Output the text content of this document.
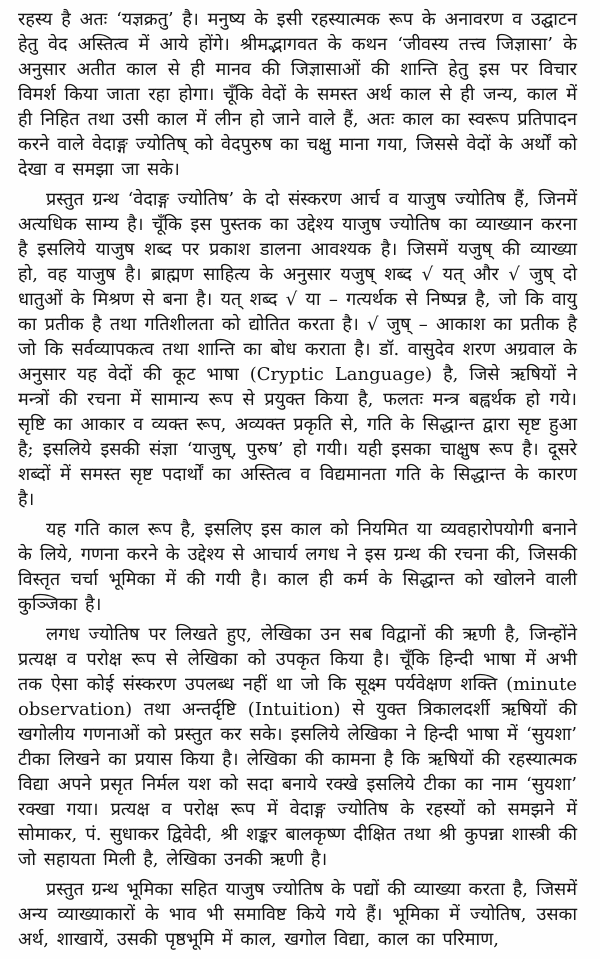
रहस्य है अतः ‘यज्ञक्रतु’ है। मनुष्य के इसी रहस्यात्मक रूप के अनावरण व उद्घाटन हेतु वेद अस्तित्व में आये होंगे। श्रीमद्भागवत के कथन ‘जीवस्य तत्त्व जिज्ञासा’ के अनुसार अतीत काल से ही मानव की जिज्ञासाओं की शान्ति हेतु इस पर विचार विमर्श किया जाता रहा होगा। चूँकि वेदों के समस्त अर्थ काल से ही जन्य, काल में ही निहित तथा उसी काल में लीन हो जाने वाले हैं, अतः काल का स्वरूप प्रतिपादन करने वाले वेदाङ्ग ज्योतिष् को वेदपुरुष का चक्षु माना गया, जिससे वेदों के अर्थों को देखा व समझा जा सके।

प्रस्तुत ग्रन्थ ‘वेदाङ्ग ज्योतिष’ के दो संस्करण आर्च व याजुष ज्योतिष हैं, जिनमें अत्यधिक साम्य है। चूँकि इस पुस्तक का उद्देश्य याजुष ज्योतिष का व्याख्यान करना है इसलिये याजुष शब्द पर प्रकाश डालना आवश्यक है। जिसमें यजुष् की व्याख्या हो, वह याजुष है। ब्राह्मण साहित्य के अनुसार यजुष् शब्द √ यत् और √ जुष् दो धातुओं के मिश्रण से बना है। यत् शब्द √ या – गत्यर्थक से निष्पन्न है, जो कि वायु का प्रतीक है तथा गतिशीलता को द्योतित करता है। √ जुष् – आकाश का प्रतीक है जो कि सर्वव्यापकत्व तथा शान्ति का बोध कराता है। डॉ. वासुदेव शरण अग्रवाल के अनुसार यह वेदों की कूट भाषा (Cryptic Language) है, जिसे ऋषियों ने मन्त्रों की रचना में सामान्य रूप से प्रयुक्त किया है, फलतः मन्त्र बह्वर्थक हो गये। सृष्टि का आकार व व्यक्त रूप, अव्यक्त प्रकृति से, गति के सिद्धान्त द्वारा सृष्ट हुआ है; इसलिये इसकी संज्ञा ‘याजुष्, पुरुष’ हो गयी। यही इसका चाक्षुष रूप है। दूसरे शब्दों में समस्त सृष्ट पदार्थों का अस्तित्व व विद्यमानता गति के सिद्धान्त के कारण है।

यह गति काल रूप है, इसलिए इस काल को नियमित या व्यवहारोपयोगी बनाने के लिये, गणना करने के उद्देश्य से आचार्य लगध ने इस ग्रन्थ की रचना की, जिसकी विस्तृत चर्चा भूमिका में की गयी है। काल ही कर्म के सिद्धान्त को खोलने वाली कुञ्जिका है।

लगध ज्योतिष पर लिखते हुए, लेखिका उन सब विद्वानों की ऋणी है, जिन्होंने प्रत्यक्ष व परोक्ष रूप से लेखिका को उपकृत किया है। चूँकि हिन्दी भाषा में अभी तक ऐसा कोई संस्करण उपलब्ध नहीं था जो कि सूक्ष्म पर्यवेक्षण शक्ति (minute observation) तथा अन्तर्दृष्टि (Intuition) से युक्त त्रिकालदर्शी ऋषियों की खगोलीय गणनाओं को प्रस्तुत कर सके। इसलिये लेखिका ने हिन्दी भाषा में ‘सुयशा’ टीका लिखने का प्रयास किया है। लेखिका की कामना है कि ऋषियों की रहस्यात्मक विद्या अपने प्रसृत निर्मल यश को सदा बनाये रक्खे इसलिये टीका का नाम ‘सुयशा’ रक्खा गया। प्रत्यक्ष व परोक्ष रूप में वेदाङ्ग ज्योतिष के रहस्यों को समझने में सोमाकर, पं. सुधाकर द्विवेदी, श्री शङ्कर बालकृष्ण दीक्षित तथा श्री कुपन्ना शास्त्री की जो सहायता मिली है, लेखिका उनकी ऋणी है।

प्रस्तुत ग्रन्थ भूमिका सहित याजुष ज्योतिष के पद्यों की व्याख्या करता है, जिसमें अन्य व्याख्याकारों के भाव भी समाविष्ट किये गये हैं। भूमिका में ज्योतिष, उसका अर्थ, शाखायें, उसकी पृष्ठभूमि में काल, खगोल विद्या, काल का परिमाण,
